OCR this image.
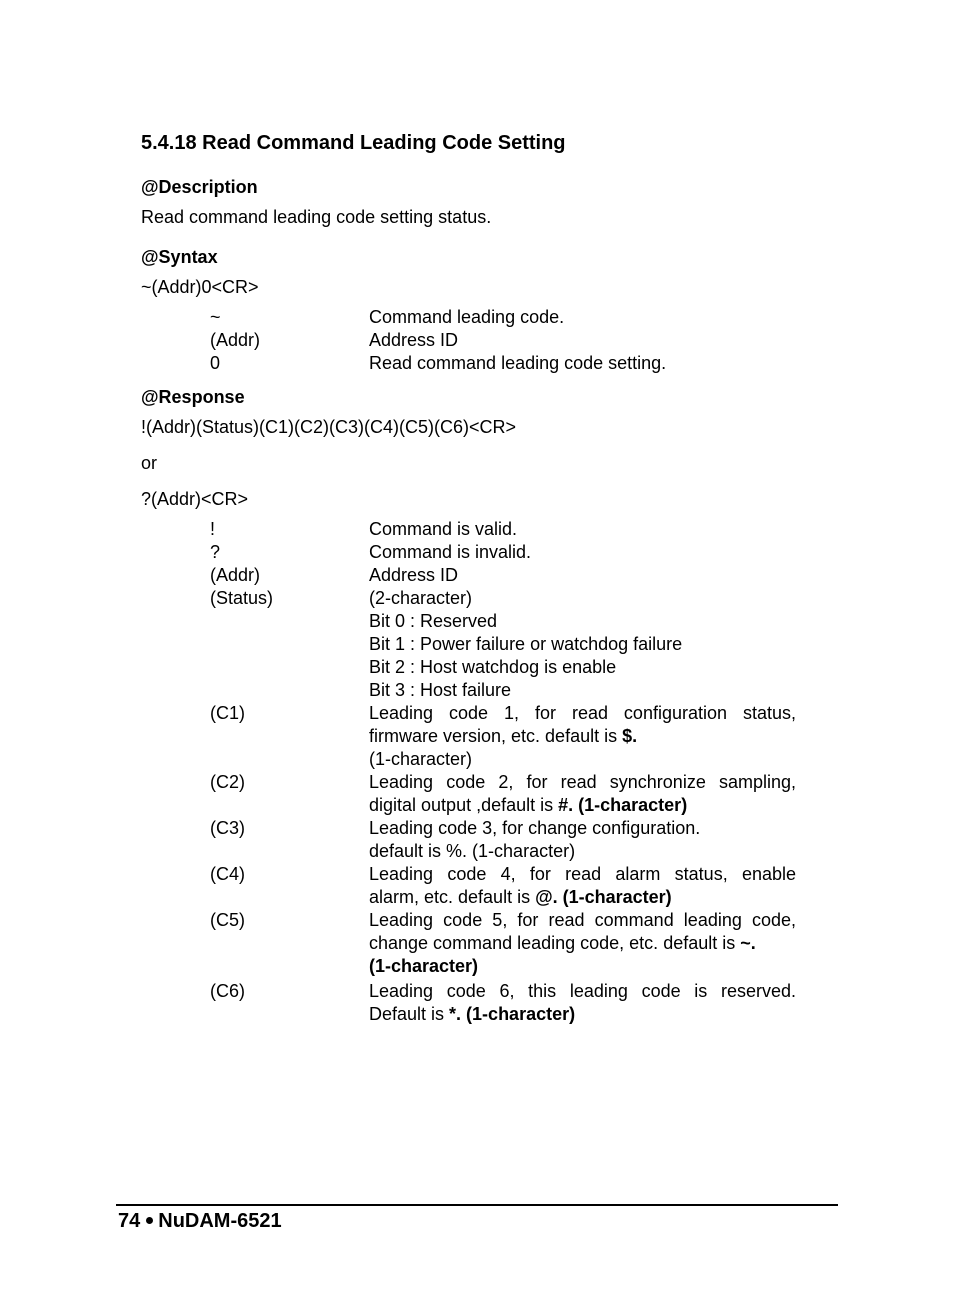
5.4.18 Read Command Leading Code Setting
@Description
Read command leading code setting status.
@Syntax
~(Addr)0<CR>
~	Command leading code.
(Addr)	Address ID
0	Read command leading code setting.
@Response
!(Addr)(Status)(C1)(C2)(C3)(C4)(C5)(C6)<CR>
or
?(Addr)<CR>
!	Command is valid.
?	Command is invalid.
(Addr)	Address ID
(Status)	(2-character)
Bit 0 : Reserved
Bit 1 : Power failure or watchdog failure
Bit 2 : Host watchdog is enable
Bit 3 : Host failure
(C1)	Leading code 1, for read configuration status,
firmware version, etc. default is $.
(1-character)
(C2)	Leading code 2, for read synchronize sampling,
digital output ,default is #. (1-character)
(C3)	Leading code 3, for change configuration.
default is %. (1-character)
(C4)	Leading code 4, for read alarm status, enable
alarm, etc. default is @. (1-character)
(C5)	Leading code 5, for read command leading code,
change command leading code, etc. default is ~.
(1-character)
(C6)	Leading code 6, this leading code is reserved.
Default is *. (1-character)
74 NuDAM-6521
